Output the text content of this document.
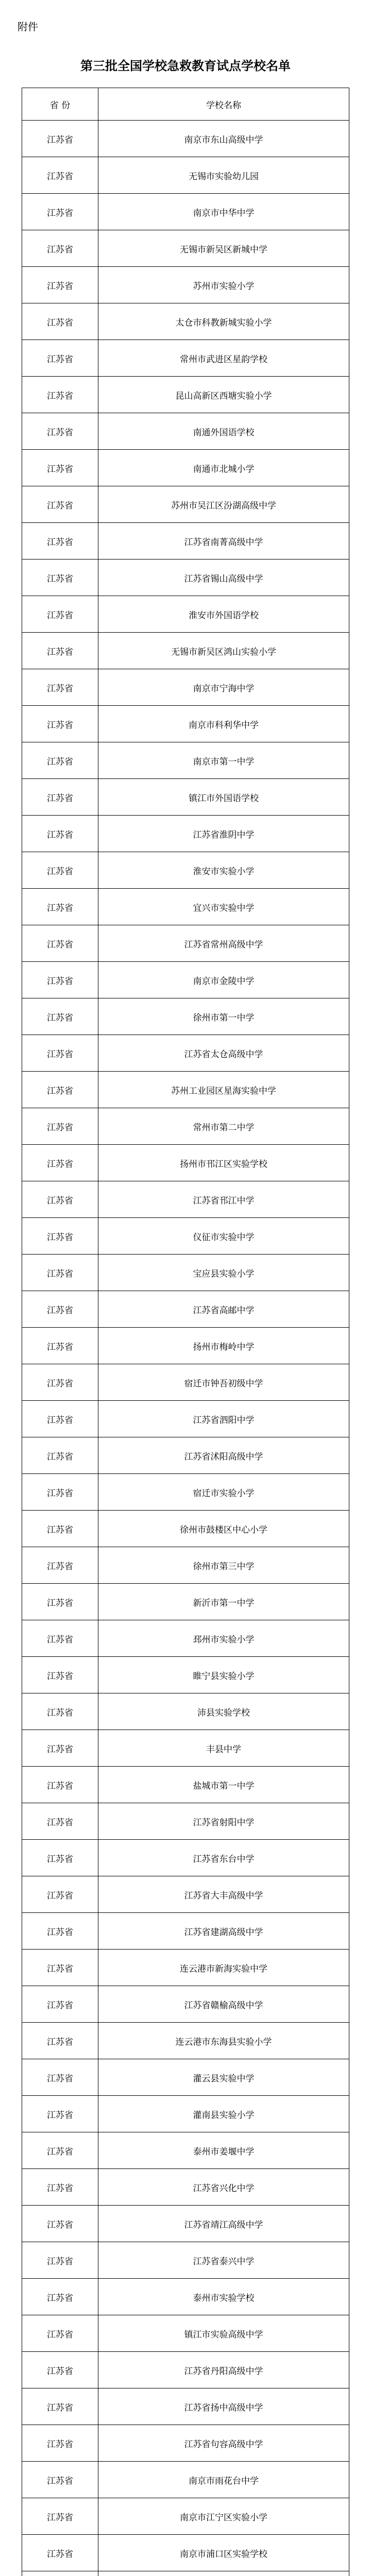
附件
第三批全国学校急救教育试点学校名单
省 份	学校名称
江苏省	南京市东山高级中学
江苏省	无锡市实验幼儿园
江苏省	南京市中华中学
江苏省	无锡市新吴区新城中学
江苏省	苏州市实验小学
江苏省	太仓市科教新城实验小学
江苏省	常州市武进区星韵学校
江苏省	昆山高新区西塘实验小学
江苏省	南通外国语学校
江苏省	南通市北城小学
江苏省	苏州市吴江区汾湖高级中学
江苏省	江苏省南菁高级中学
江苏省	江苏省锡山高级中学
江苏省	淮安市外国语学校
江苏省	无锡市新吴区鸿山实验小学
江苏省	南京市宁海中学
江苏省	南京市科利华中学
江苏省	南京市第一中学
江苏省	镇江市外国语学校
江苏省	江苏省淮阴中学
江苏省	淮安市实验小学
江苏省	宜兴市实验中学
江苏省	江苏省常州高级中学
江苏省	南京市金陵中学
江苏省	徐州市第一中学
江苏省	江苏省太仓高级中学
江苏省	苏州工业园区星海实验中学
江苏省	常州市第二中学
江苏省	扬州市邗江区实验学校
江苏省	江苏省邗江中学
江苏省	仪征市实验中学
江苏省	宝应县实验小学
江苏省	江苏省高邮中学
江苏省	扬州市梅岭中学
江苏省	宿迁市钟吾初级中学
江苏省	江苏省泗阳中学
江苏省	江苏省沭阳高级中学
江苏省	宿迁市实验小学
江苏省	徐州市鼓楼区中心小学
江苏省	徐州市第三中学
江苏省	新沂市第一中学
江苏省	邳州市实验小学
江苏省	睢宁县实验小学
江苏省	沛县实验学校
江苏省	丰县中学
江苏省	盐城市第一中学
江苏省	江苏省射阳中学
江苏省	江苏省东台中学
江苏省	江苏省大丰高级中学
江苏省	江苏省建湖高级中学
江苏省	连云港市新海实验中学
江苏省	江苏省赣榆高级中学
江苏省	连云港市东海县实验小学
江苏省	灌云县实验中学
江苏省	灌南县实验小学
江苏省	泰州市姜堰中学
江苏省	江苏省兴化中学
江苏省	江苏省靖江高级中学
江苏省	江苏省泰兴中学
江苏省	泰州市实验学校
江苏省	镇江市实验高级中学
江苏省	江苏省丹阳高级中学
江苏省	江苏省扬中高级中学
江苏省	江苏省句容高级中学
江苏省	南京市雨花台中学
江苏省	南京市江宁区实验小学
江苏省	南京市浦口区实验学校
